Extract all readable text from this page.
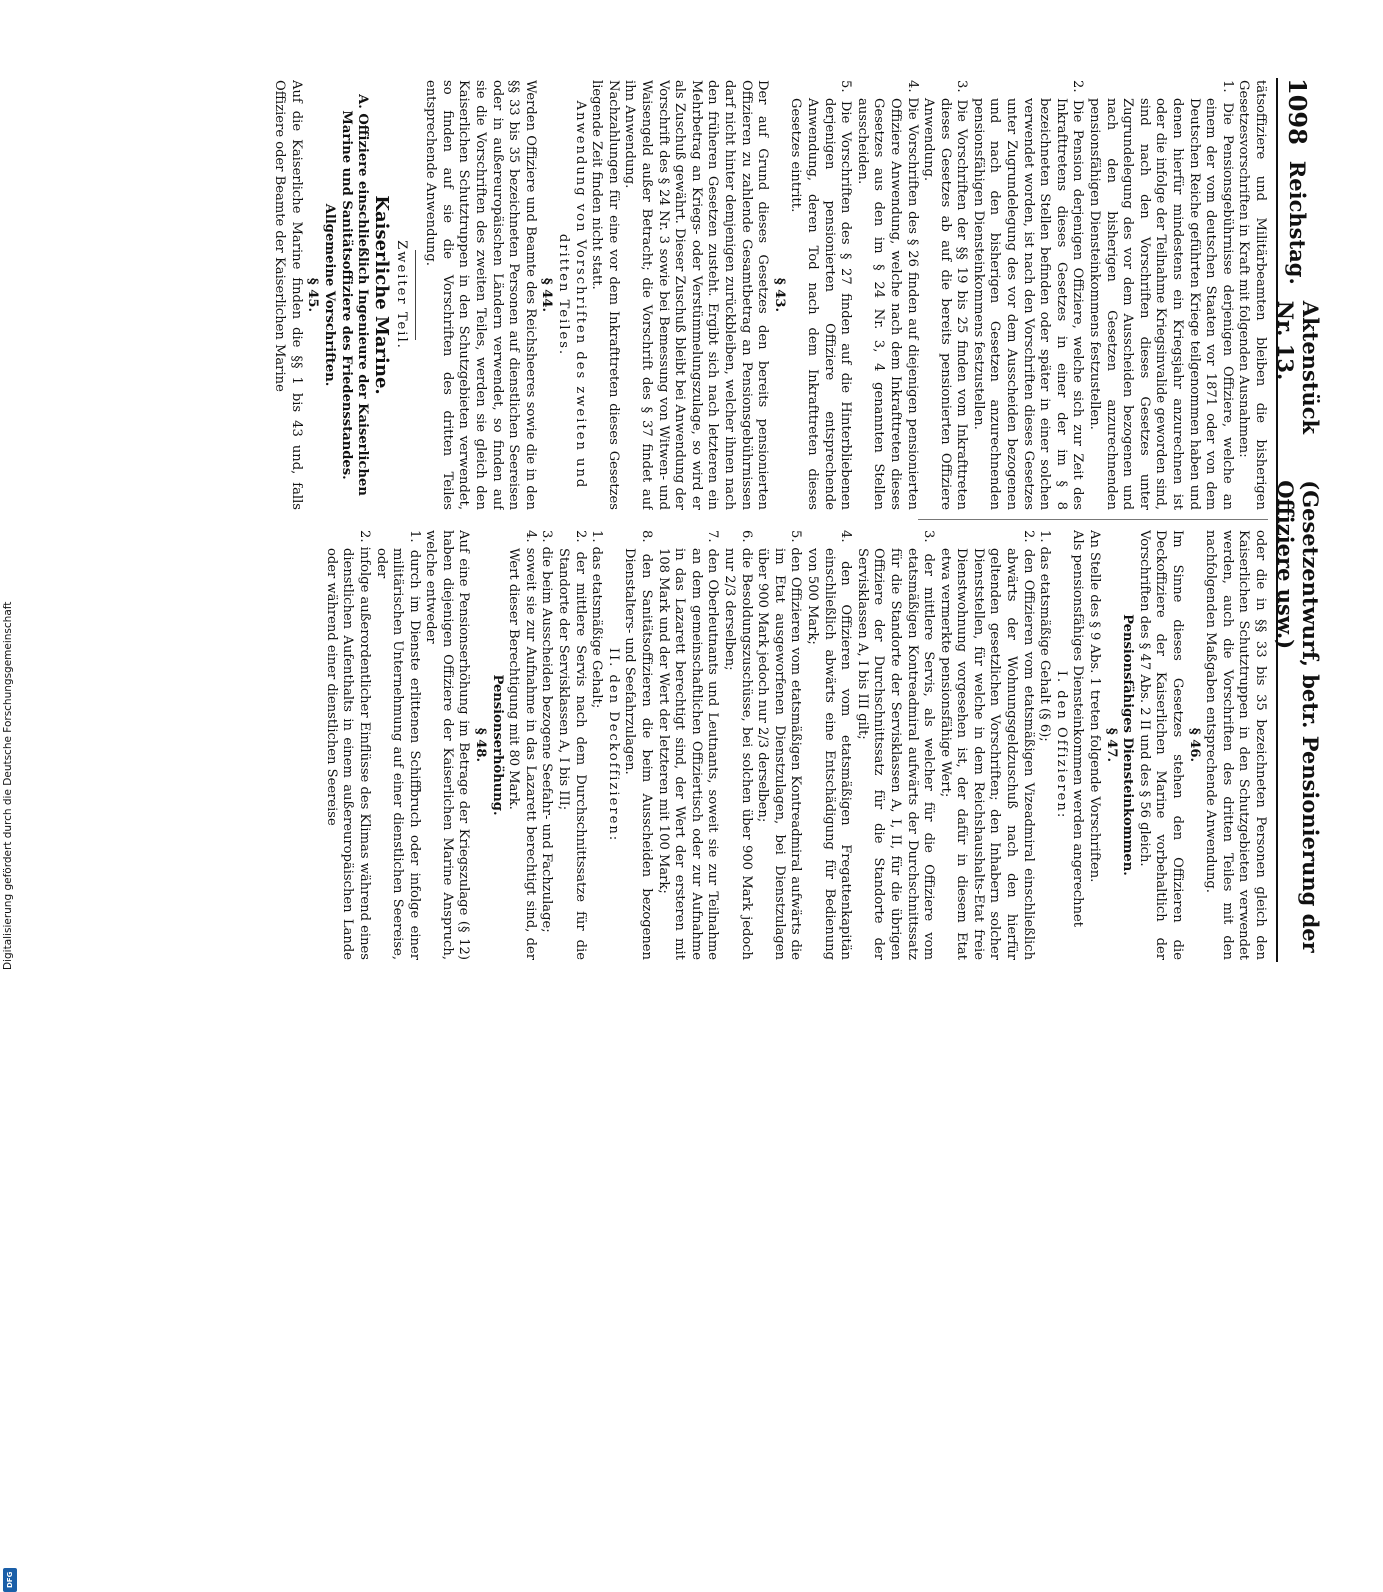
1098
Reichstag.
Aktenstück Nr. 13.
(Gesetzentwurf, betr. Pensionierung der Offiziere usw.)

täts​offiziere und Militärbeamten bleiben die bisherigen Gesetzesvorschriften in Kraft mit folgenden Ausnahmen:

1. Die Pensionsgebührnisse derjenigen Offiziere, welche an einem der vom deutschen Staaten vor 1871 oder von dem Deutschen Reiche geführten Kriege teilgenommen haben und denen hierfür mindestens ein Kriegsjahr anzurechnen ist oder die infolge der Teilnahme Kriegsinvalide geworden sind, sind nach den Vorschriften dieses Gesetzes unter Zugrundelegung des vor dem Ausscheiden bezogenen und nach den bisherigen Gesetzen anzurechnenden pensionsfähigen Diensteinkommens festzustellen.

2. Die Pension derjenigen Offiziere, welche sich zur Zeit des Inkrafttretens dieses Gesetzes in einer der im § 8 bezeichneten Stellen befinden oder später in einer solchen verwendet worden, ist nach den Vorschriften dieses Gesetzes unter Zugrundelegung des vor dem Ausscheiden bezogenen und nach den bisherigen Gesetzen anzurechnenden pensionsfähigen Diensteinkommens festzustellen.

3. Die Vorschriften der §§ 19 bis 25 finden vom Inkrafttreten dieses Gesetzes ab auf die bereits pensionierten Offiziere Anwendung.

4. Die Vorschriften des § 26 finden auf diejenigen pensionierten Offiziere Anwendung, welche nach dem Inkrafttreten dieses Gesetzes aus den im § 24 Nr. 3, 4 genannten Stellen ausscheiden.

5. Die Vorschriften des § 27 finden auf die Hinterbliebenen derjenigen pensionierten Offiziere entsprechende Anwendung, deren Tod nach dem Inkrafttreten dieses Gesetzes eintritt.

§ 43.

Der auf Grund dieses Gesetzes den bereits pensionierten Offizieren zu zahlende Gesamtbetrag an Pensionsgebührnissen darf nicht hinter demjenigen zurückbleiben, welcher ihnen nach den früheren Gesetzen zusteht. Ergibt sich nach letzteren ein Mehrbetrag an Kriegs- oder Verstümmelungszulage, so wird er als Zuschuß gewährt. Dieser Zuschuß bleibt bei Anwendung der Vorschrift des § 24 Nr. 3 sowie bei Bemessung von Witwen- und Waisengeld außer Betracht; die Vorschrift des § 37 findet auf ihn Anwendung.

Nachzahlungen für eine vor dem Inkrafttreten dieses Gesetzes liegende Zeit finden nicht statt.

Anwendung von Vorschriften des zweiten und dritten Teiles.

§ 44.

Werden Offiziere und Beamte des Reichsheeres sowie die in den §§ 33 bis 35 bezeichneten Personen auf dienstlichen Seereisen oder in außereuropäischen Ländern verwendet, so finden auf sie die Vorschriften des zweiten Teiles, werden sie gleich den Kaiserlichen Schutztruppen in den Schutzgebieten verwendet, so finden auf sie die Vorschriften des dritten Teiles entsprechende Anwendung.

Zweiter Teil.

Kaiserliche Marine.

A. Offiziere einschließlich Ingenieure der Kaiserlichen Marine und Sanitätsoffiziere des Friedensstandes.

Allgemeine Vorschriften.

§ 45.

Auf die Kaiserliche Marine finden die §§ 1 bis 43 und, falls Offiziere oder Beamte der Kaiserlichen Marine

oder die in §§ 33 bis 35 bezeichneten Personen gleich den Kaiserlichen Schutztruppen in den Schutzgebieten verwendet werden, auch die Vorschriften des dritten Teiles mit den nachfolgenden Maßgaben entsprechende Anwendung.

§ 46.

Im Sinne dieses Gesetzes stehen den Offizieren die Deckoffiziere der Kaiserlichen Marine vorbehaltlich der Vorschriften des § 47 Abs. 2 II und des § 56 gleich.

Pensionsfähiges Diensteinkommen.

§ 47.

An Stelle des § 9 Abs. 1 treten folgende Vorschriften.

Als pensionsfähiges Diensteinkommen werden angerechnet

I. den Offizieren:

1. das etatsmäßige Gehalt (§ 6);

2. den Offizieren vom etatsmäßigen Vizeadmiral einschließlich abwärts der Wohnungsgeldzuschuß nach den hierfür geltenden gesetzlichen Vorschriften; den Inhabern solcher Dienststellen, für welche in dem Reichshaushalts-Etat freie Dienstwohnung vorgesehen ist, der dafür in diesem Etat etwa vermerkte pensionsfähige Wert;

3. der mittlere Servis, als welcher für die Offiziere vom etatsmäßigen Kontreadmiral aufwärts der Durchschnittssatz für die Standorte der Servisklassen A, I, II, für die übrigen Offiziere der Durchschnittssatz für die Standorte der Servisklassen A, I bis III gilt;

4. den Offizieren vom etatsmäßigen Fregattenkapitän einschließlich abwärts eine Entschädigung für Bedienung von 500 Mark;

5. den Offizieren vom etatsmäßigen Kontreadmiral aufwärts die im Etat ausgeworfenen Dienstzulagen, bei Dienstzulagen über 900 Mark jedoch nur 2/3 derselben;

6. die Besoldungszuschüsse, bei solchen über 900 Mark jedoch nur 2/3 derselben;

7. den Oberleutnants und Leutnants, soweit sie zur Teilnahme an dem gemeinschaftlichen Offiziertisch oder zur Aufnahme in das Lazarett berechtigt sind, der Wert der ersteren mit 108 Mark und der Wert der letzteren mit 100 Mark;

8. den Sanitätsoffizieren die beim Ausscheiden bezogenen Dienstalters- und Seefahrzulagen.

II. den Deckoffizieren:

1. das etatsmäßige Gehalt;

2. der mittlere Servis nach dem Durchschnittssatze für die Standorte der Servisklassen A, I bis III;

3. die beim Ausscheiden bezogene Seefahr- und Fachzulage;

4. soweit sie zur Aufnahme in das Lazarett berechtigt sind, der Wert dieser Berechtigung mit 80 Mark.

Pensionserhöhung.

§ 48.

Auf eine Pensionserhöhung im Betrage der Kriegszulage (§ 12) haben diejenigen Offiziere der Kaiserlichen Marine Anspruch, welche entweder

1. durch im Dienste erlittenen Schiffbruch oder infolge einer militärischen Unternehmung auf einer dienstlichen Seereise, oder

2. infolge außerordentlicher Einflüsse des Klimas während eines dienstlichen Aufenthalts in einem außereuropäischen Lande oder während einer dienstlichen Seereise

Digitalisierung gefördert durch die Deutsche Forschungsgemeinschaft
DFG
